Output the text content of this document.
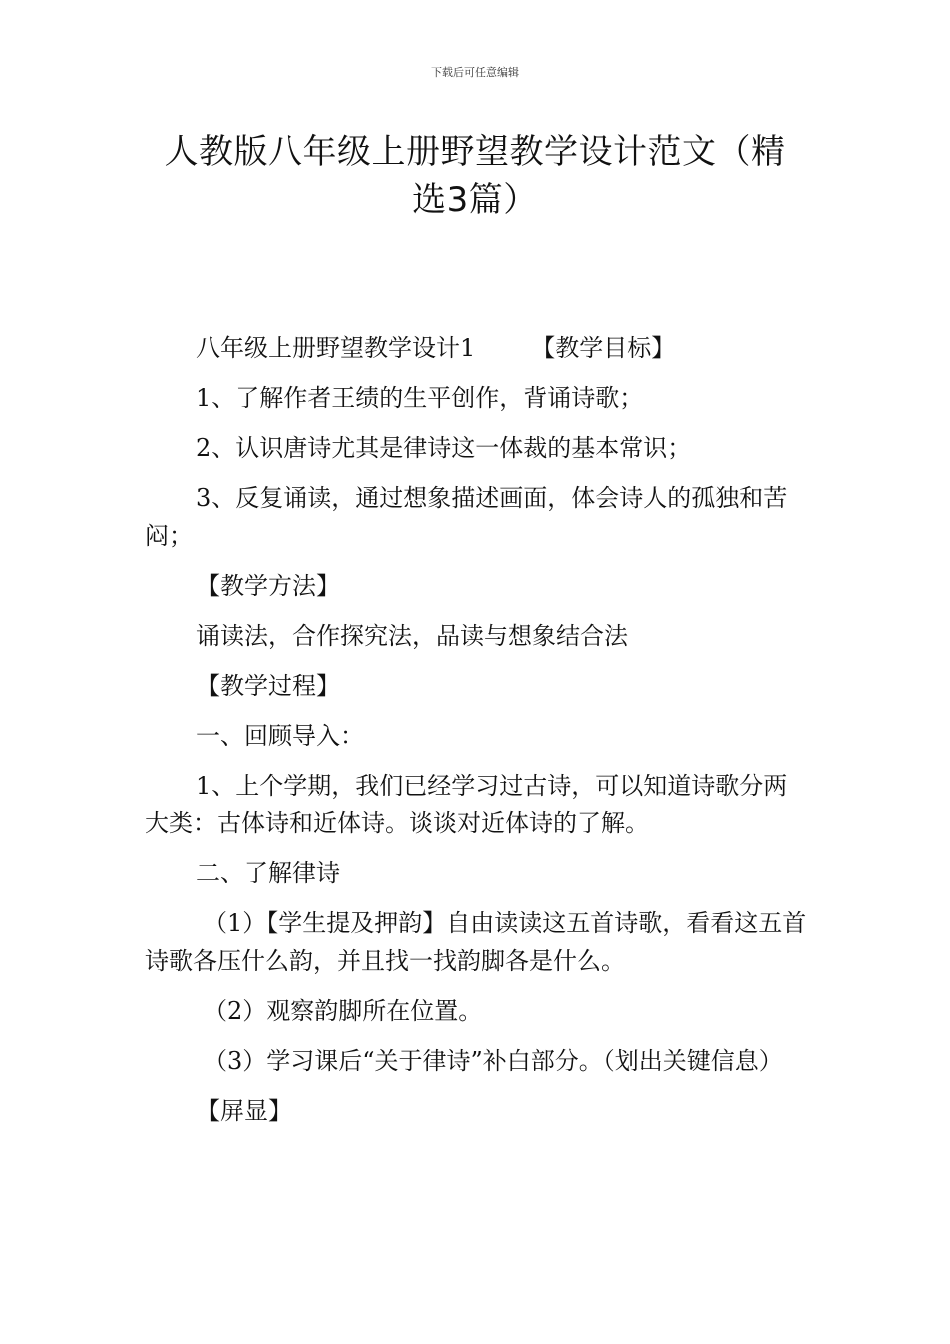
下载后可任意编辑
人教版八年级上册野望教学设计范文（精选3篇）

八年级上册野望教学设计1 【教学目标】

1、了解作者王绩的生平创作，背诵诗歌；

2、认识唐诗尤其是律诗这一体裁的基本常识；

3、反复诵读，通过想象描述画面，体会诗人的孤独和苦闷；

【教学方法】

诵读法，合作探究法，品读与想象结合法

【教学过程】

一、回顾导入：

1、上个学期，我们已经学习过古诗，可以知道诗歌分两大类：古体诗和近体诗。谈谈对近体诗的了解。

二、了解律诗

（1）【学生提及押韵】自由读读这五首诗歌，看看这五首诗歌各压什么韵，并且找一找韵脚各是什么。

（2）观察韵脚所在位置。

（3）学习课后“关于律诗”补白部分。（划出关键信息）

【屏显】
